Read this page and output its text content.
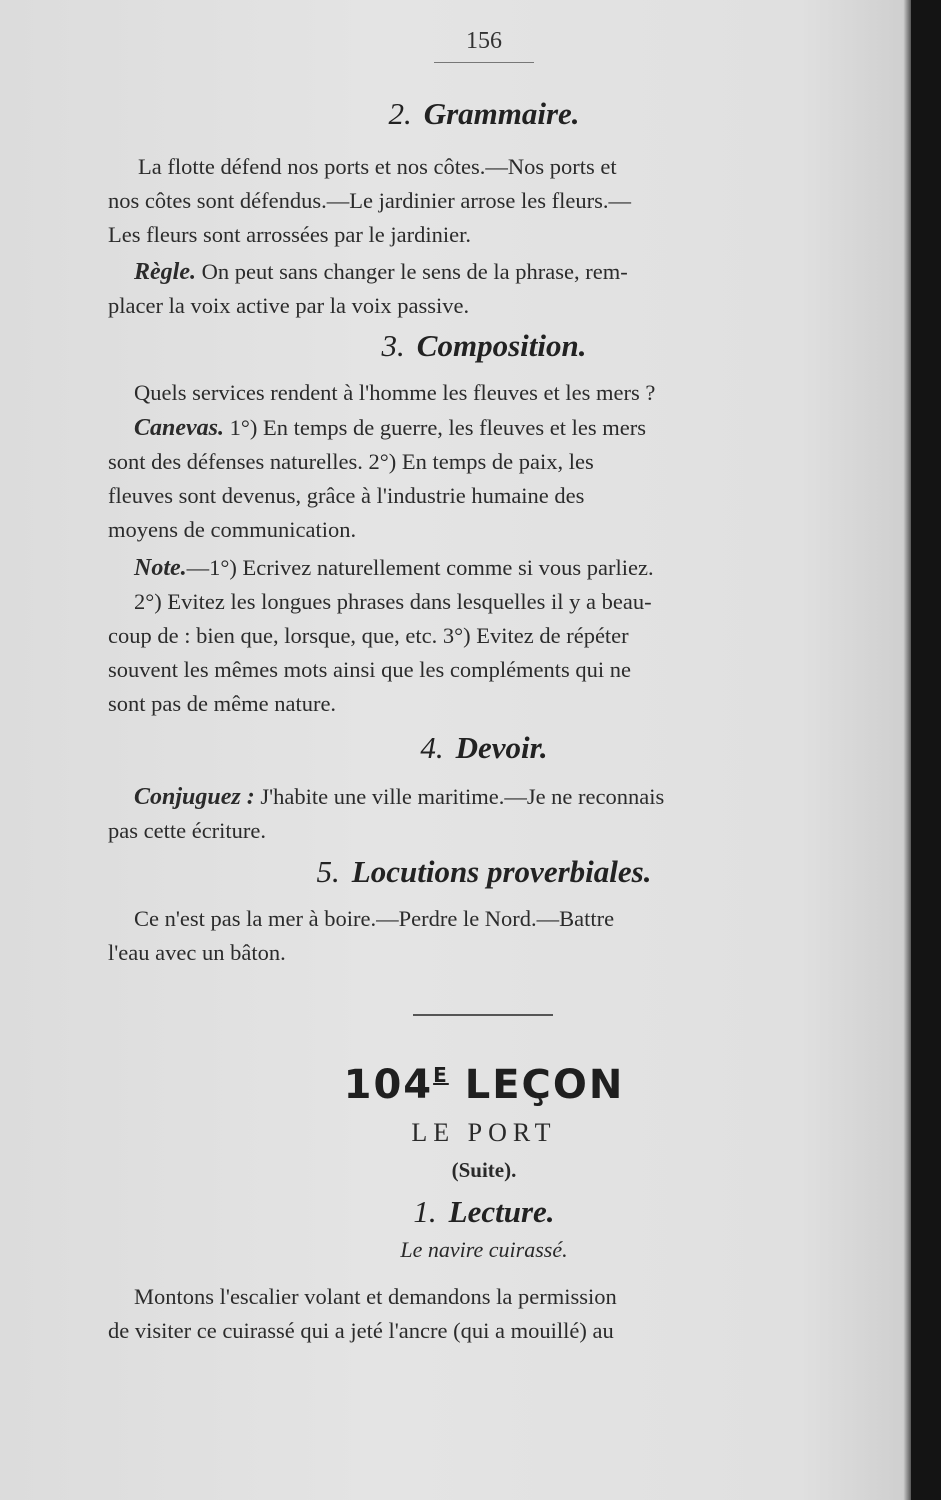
156
2. Grammaire.
La flotte défend nos ports et nos côtes.—Nos ports et
nos côtes sont défendus.—Le jardinier arrose les fleurs.—
Les fleurs sont arrossées par le jardinier.
Règle. On peut sans changer le sens de la phrase, rem-
placer la voix active par la voix passive.
3. Composition.
Quels services rendent à l'homme les fleuves et les mers ?
Canevas. 1°) En temps de guerre, les fleuves et les mers
sont des défenses naturelles. 2°) En temps de paix, les
fleuves sont devenus, grâce à l'industrie humaine des
moyens de communication.
Note.—1°) Ecrivez naturellement comme si vous parliez.
2°) Evitez les longues phrases dans lesquelles il y a beau-
coup de : bien que, lorsque, que, etc. 3°) Evitez de répéter
souvent les mêmes mots ainsi que les compléments qui ne
sont pas de même nature.
4. Devoir.
Conjuguez : J'habite une ville maritime.—Je ne reconnais
pas cette écriture.
5. Locutions proverbiales.
Ce n'est pas la mer à boire.—Perdre le Nord.—Battre
l'eau avec un bâton.
$104^E$ LEÇON
LE PORT
(Suite).
1. Lecture.
Le navire cuirassé.
Montons l'escalier volant et demandons la permission
de visiter ce cuirassé qui a jeté l'ancre (qui a mouillé) au
